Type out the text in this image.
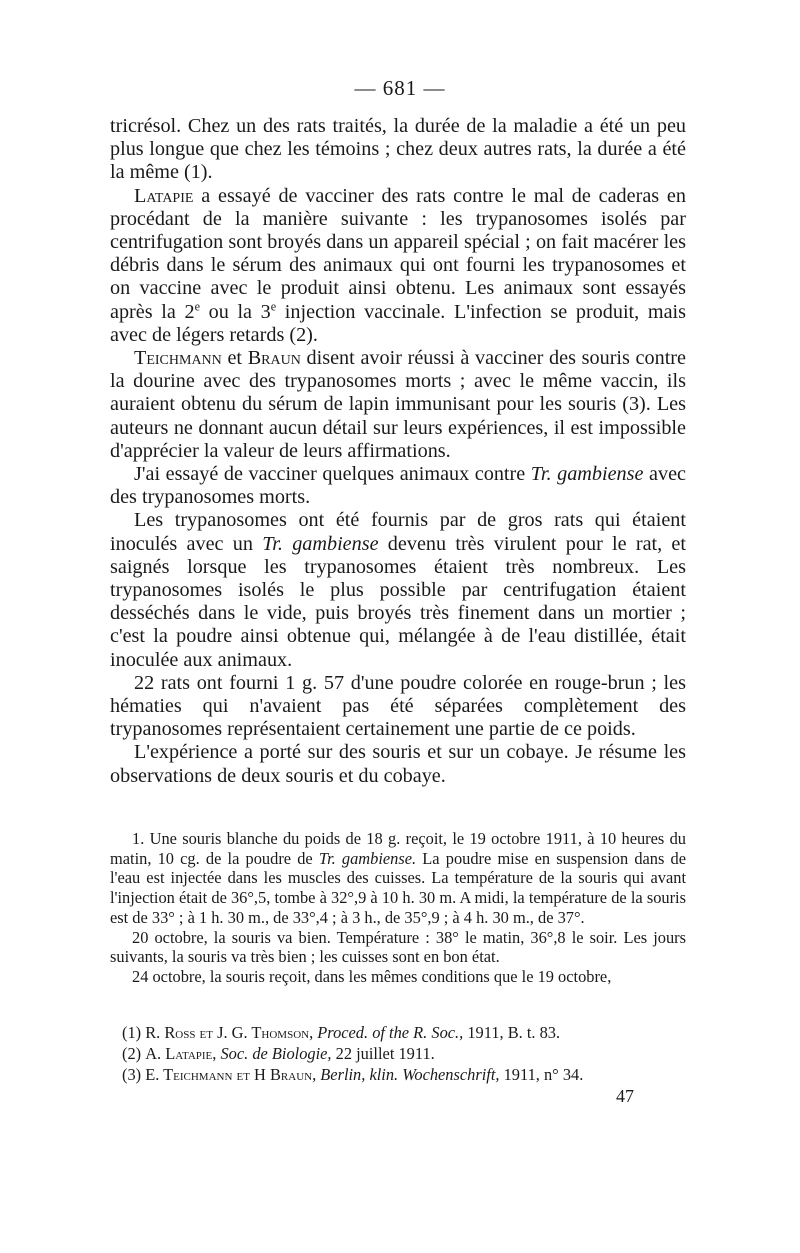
— 681 —

tricrésol. Chez un des rats traités, la durée de la maladie a été un peu plus longue que chez les témoins ; chez deux autres rats, la durée a été la même (1).

Latapie a essayé de vacciner des rats contre le mal de caderas en procédant de la manière suivante : les trypanosomes isolés par centrifugation sont broyés dans un appareil spécial ; on fait macérer les débris dans le sérum des animaux qui ont fourni les trypanosomes et on vaccine avec le produit ainsi obtenu. Les animaux sont essayés après la 2e ou la 3e injection vaccinale. L'infection se produit, mais avec de légers retards (2).

Teichmann et Braun disent avoir réussi à vacciner des souris contre la dourine avec des trypanosomes morts ; avec le même vaccin, ils auraient obtenu du sérum de lapin immunisant pour les souris (3). Les auteurs ne donnant aucun détail sur leurs expériences, il est impossible d'apprécier la valeur de leurs affirmations.

J'ai essayé de vacciner quelques animaux contre Tr. gambiense avec des trypanosomes morts.

Les trypanosomes ont été fournis par de gros rats qui étaient inoculés avec un Tr. gambiense devenu très virulent pour le rat, et saignés lorsque les trypanosomes étaient très nombreux. Les trypanosomes isolés le plus possible par centrifugation étaient desséchés dans le vide, puis broyés très finement dans un mortier ; c'est la poudre ainsi obtenue qui, mélangée à de l'eau distillée, était inoculée aux animaux.

22 rats ont fourni 1 g. 57 d'une poudre colorée en rouge-brun ; les hématies qui n'avaient pas été séparées complètement des trypanosomes représentaient certainement une partie de ce poids.

L'expérience a porté sur des souris et sur un cobaye. Je résume les observations de deux souris et du cobaye.

1. Une souris blanche du poids de 18 g. reçoit, le 19 octobre 1911, à 10 heures du matin, 10 cg. de la poudre de Tr. gambiense. La poudre mise en suspension dans de l'eau est injectée dans les muscles des cuisses. La température de la souris qui avant l'injection était de 36°,5, tombe à 32°,9 à 10 h. 30 m. A midi, la température de la souris est de 33° ; à 1 h. 30 m., de 33°,4 ; à 3 h., de 35°,9 ; à 4 h. 30 m., de 37°.

20 octobre, la souris va bien. Température : 38° le matin, 36°,8 le soir. Les jours suivants, la souris va très bien ; les cuisses sont en bon état.

24 octobre, la souris reçoit, dans les mêmes conditions que le 19 octobre,

(1) R. Ross et J. G. Thomson, Proced. of the R. Soc., 1911, B. t. 83.

(2) A. Latapie, Soc. de Biologie, 22 juillet 1911.

(3) E. Teichmann et H Braun, Berlin, klin. Wochenschrift, 1911, n° 34.

47
